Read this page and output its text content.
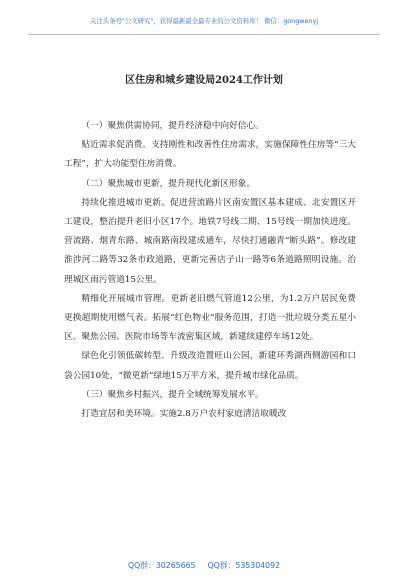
关注头条号"公文研究"，获得最新最全最专业的公文资料库！ 微信：gongwenyj
区住房和城乡建设局2024工作计划

（一）聚焦供需协同，提升经济稳中向好信心。

贴近需求促消费。支持刚性和改善性住房需求，实施保障性住房等“三大工程”，扩大功能型住房消费。

（二）聚焦城市更新，提升现代化新区形象。

持续化推进城市更新。促进营流路片区南安置区基本建成、北安置区开工建设，整治提升老旧小区17个。地铁7号线二期、15号线一期加快进度。营流路、烟青东路、城南路南段建成通车，尽快打通融青“断头路”。修改建淮涉河二路等32条市政道路，更新完善店子山一路等6条道路照明设施。治理城区雨污管道15公里。

精细化开展城市管理。更新老旧燃气管道12公里，为1.2万户居民免费更换超期使用燃气表。拓展“红色物业”服务范围，打造一批垃圾分类五星小区。聚焦公园、医院市场等车流密集区域，新建续建停车场12处。

绿色化引领低碳转型。升级改造置旺山公园，新建环秀湖西侧游园和口袋公园10处，“微更新”绿地15万平方米，提升城市绿化品质。

（三）聚焦乡村振兴，提升全域统筹发展水平。

打造宜居和美环境。实施2.8万户农村家庭清洁取暖改

QQ群：30265665 QQ群：535304092
